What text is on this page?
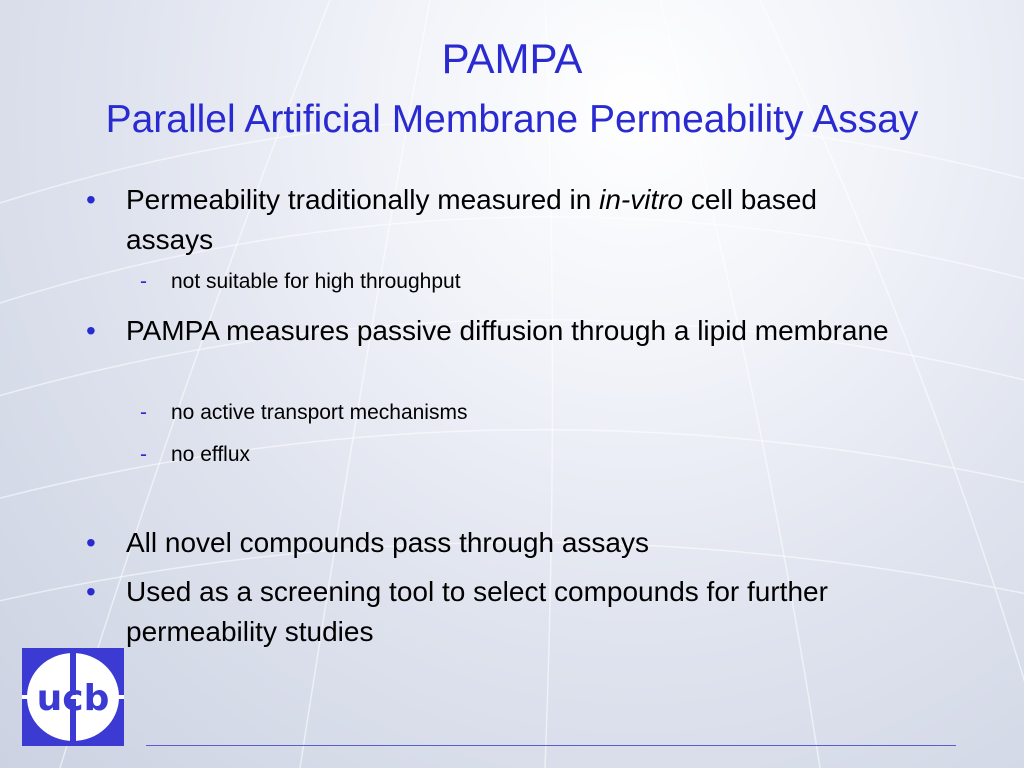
PAMPA
Parallel Artificial Membrane Permeability Assay
•	Permeability traditionally measured in in-vitro cell based assays
- not suitable for high throughput
•	PAMPA measures passive diffusion through a lipid membrane
- no active transport mechanisms
- no efflux
•	All novel compounds pass through assays
•	Used as a screening tool to select compounds for further permeability studies
ucb
